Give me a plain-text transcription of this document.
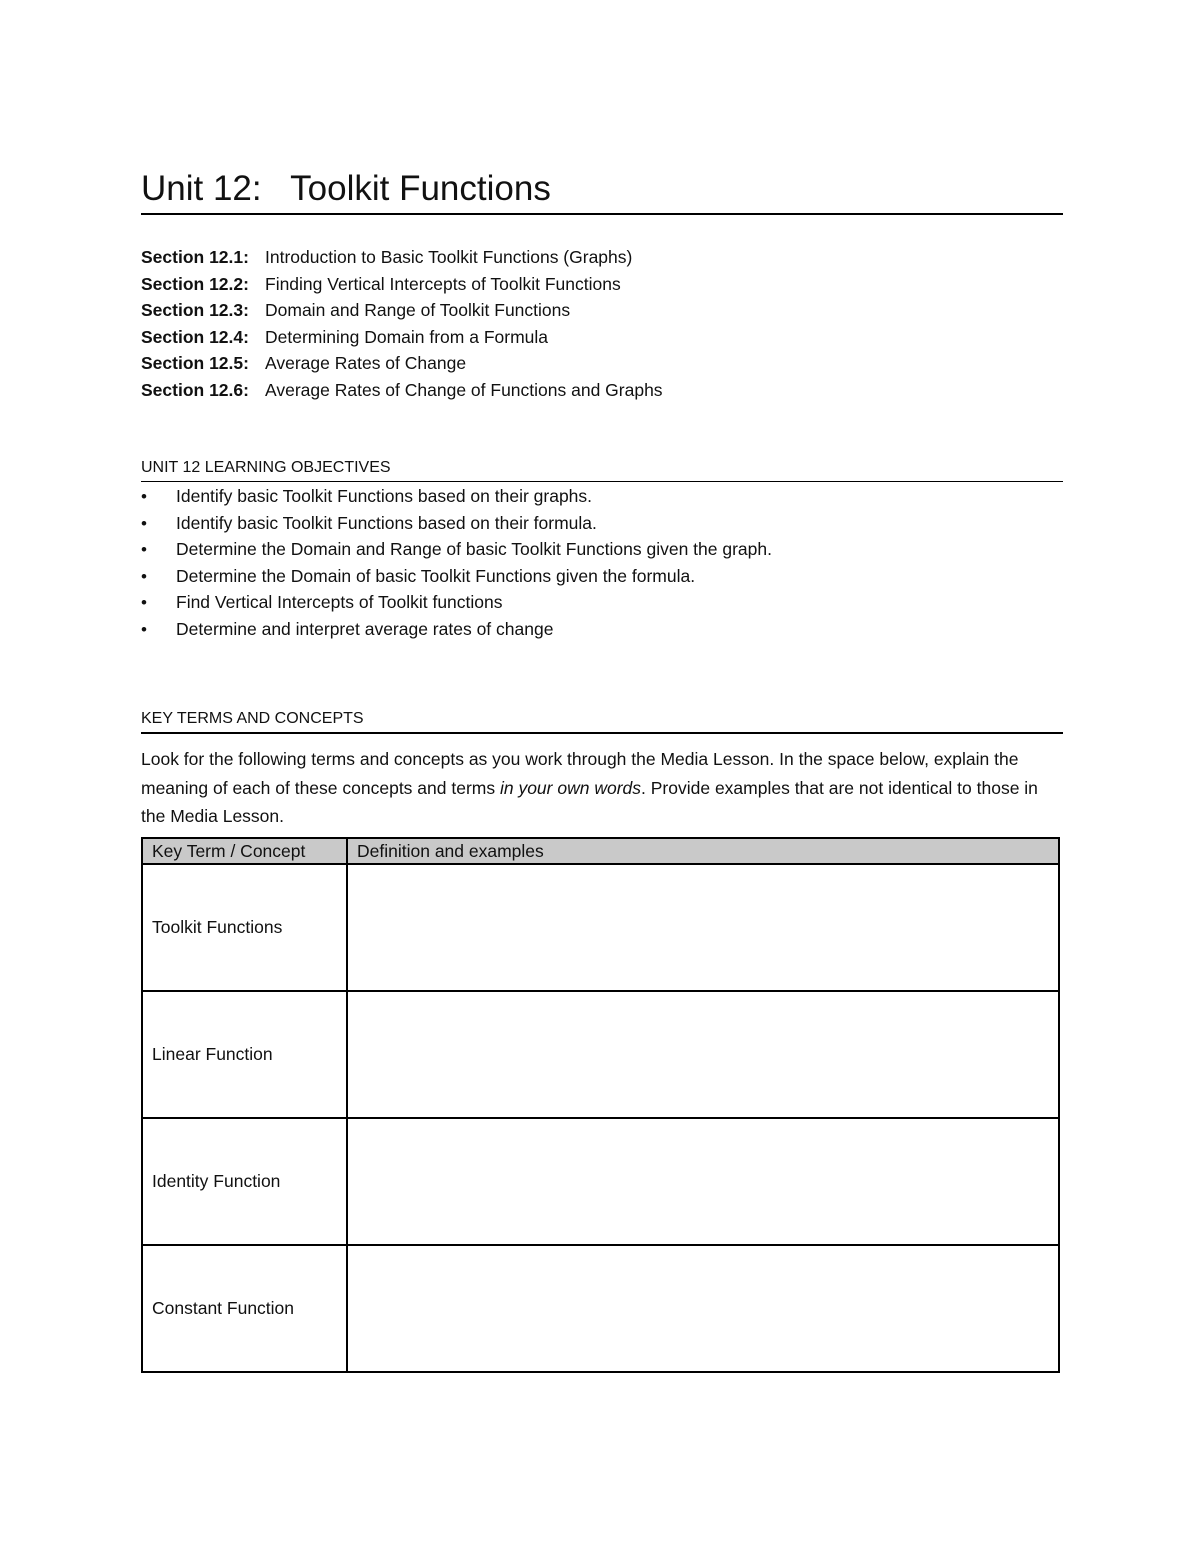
Unit 12:   Toolkit Functions
Section 12.1: Introduction to Basic Toolkit Functions (Graphs)
Section 12.2: Finding Vertical Intercepts of Toolkit Functions
Section 12.3: Domain and Range of Toolkit Functions
Section 12.4: Determining Domain from a Formula
Section 12.5: Average Rates of Change
Section 12.6: Average Rates of Change of Functions and Graphs
UNIT 12 LEARNING OBJECTIVES
• Identify basic Toolkit Functions based on their graphs.
• Identify basic Toolkit Functions based on their formula.
• Determine the Domain and Range of basic Toolkit Functions given the graph.
• Determine the Domain of basic Toolkit Functions given the formula.
• Find Vertical Intercepts of Toolkit functions
• Determine and interpret average rates of change
KEY TERMS AND CONCEPTS
Look for the following terms and concepts as you work through the Media Lesson. In the space below, explain the meaning of each of these concepts and terms in your own words. Provide examples that are not identical to those in the Media Lesson.
Key Term / Concept	Definition and examples
Toolkit Functions	
Linear Function	
Identity Function	
Constant Function	
